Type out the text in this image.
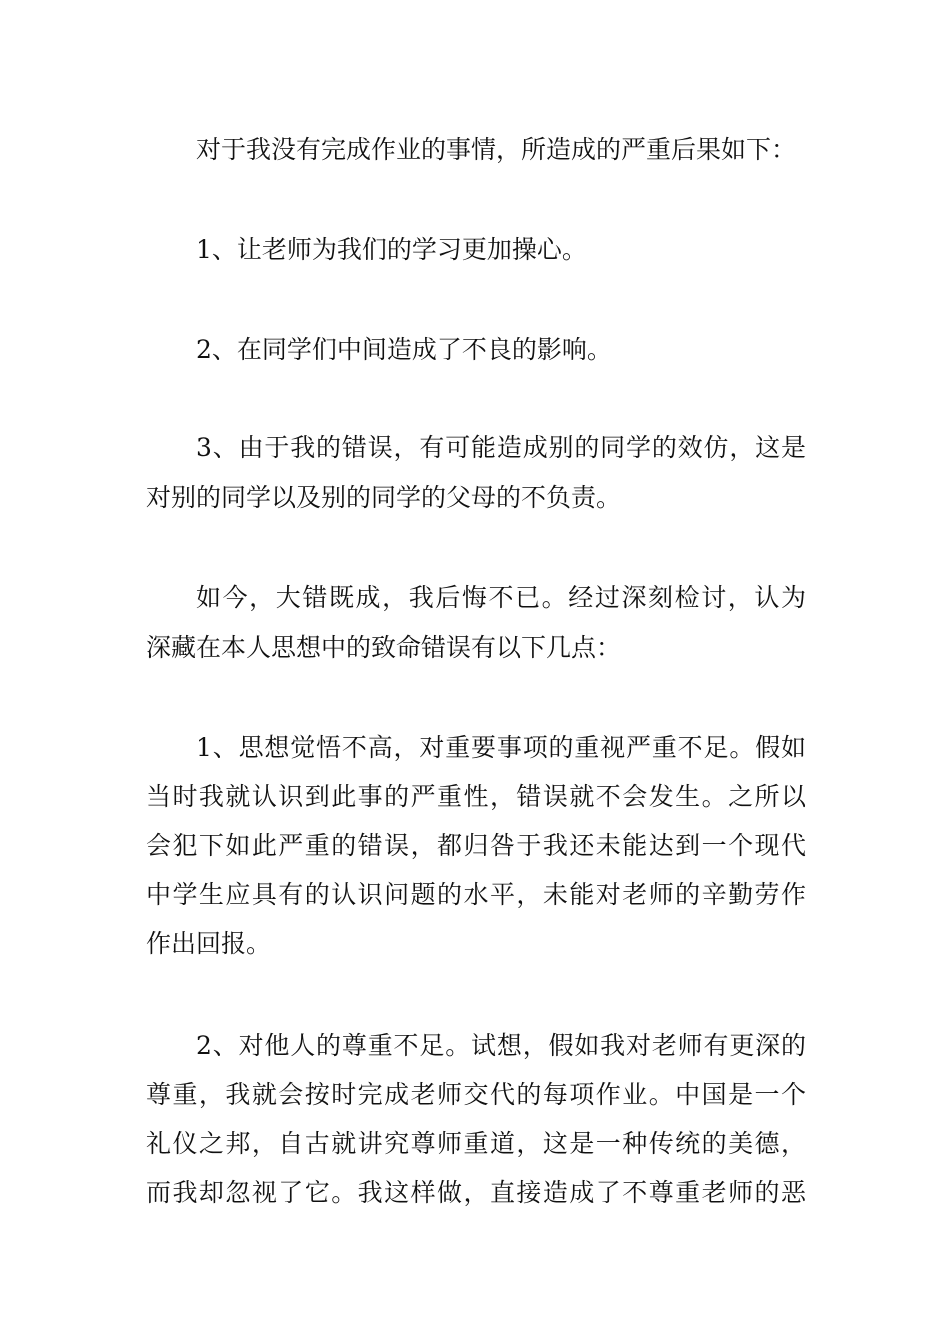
对于我没有完成作业的事情，所造成的严重后果如下：
1、让老师为我们的学习更加操心。
2、在同学们中间造成了不良的影响。
3、由于我的错误，有可能造成别的同学的效仿，这是
对别的同学以及别的同学的父母的不负责。
如今，大错既成，我后悔不已。经过深刻检讨，认为
深藏在本人思想中的致命错误有以下几点：
1、思想觉悟不高，对重要事项的重视严重不足。假如
当时我就认识到此事的严重性，错误就不会发生。之所以
会犯下如此严重的错误，都归咎于我还未能达到一个现代
中学生应具有的认识问题的水平，未能对老师的辛勤劳作
作出回报。
2、对他人的尊重不足。试想，假如我对老师有更深的
尊重，我就会按时完成老师交代的每项作业。中国是一个
礼仪之邦，自古就讲究尊师重道，这是一种传统的美德，
而我却忽视了它。我这样做，直接造成了不尊重老师的恶
